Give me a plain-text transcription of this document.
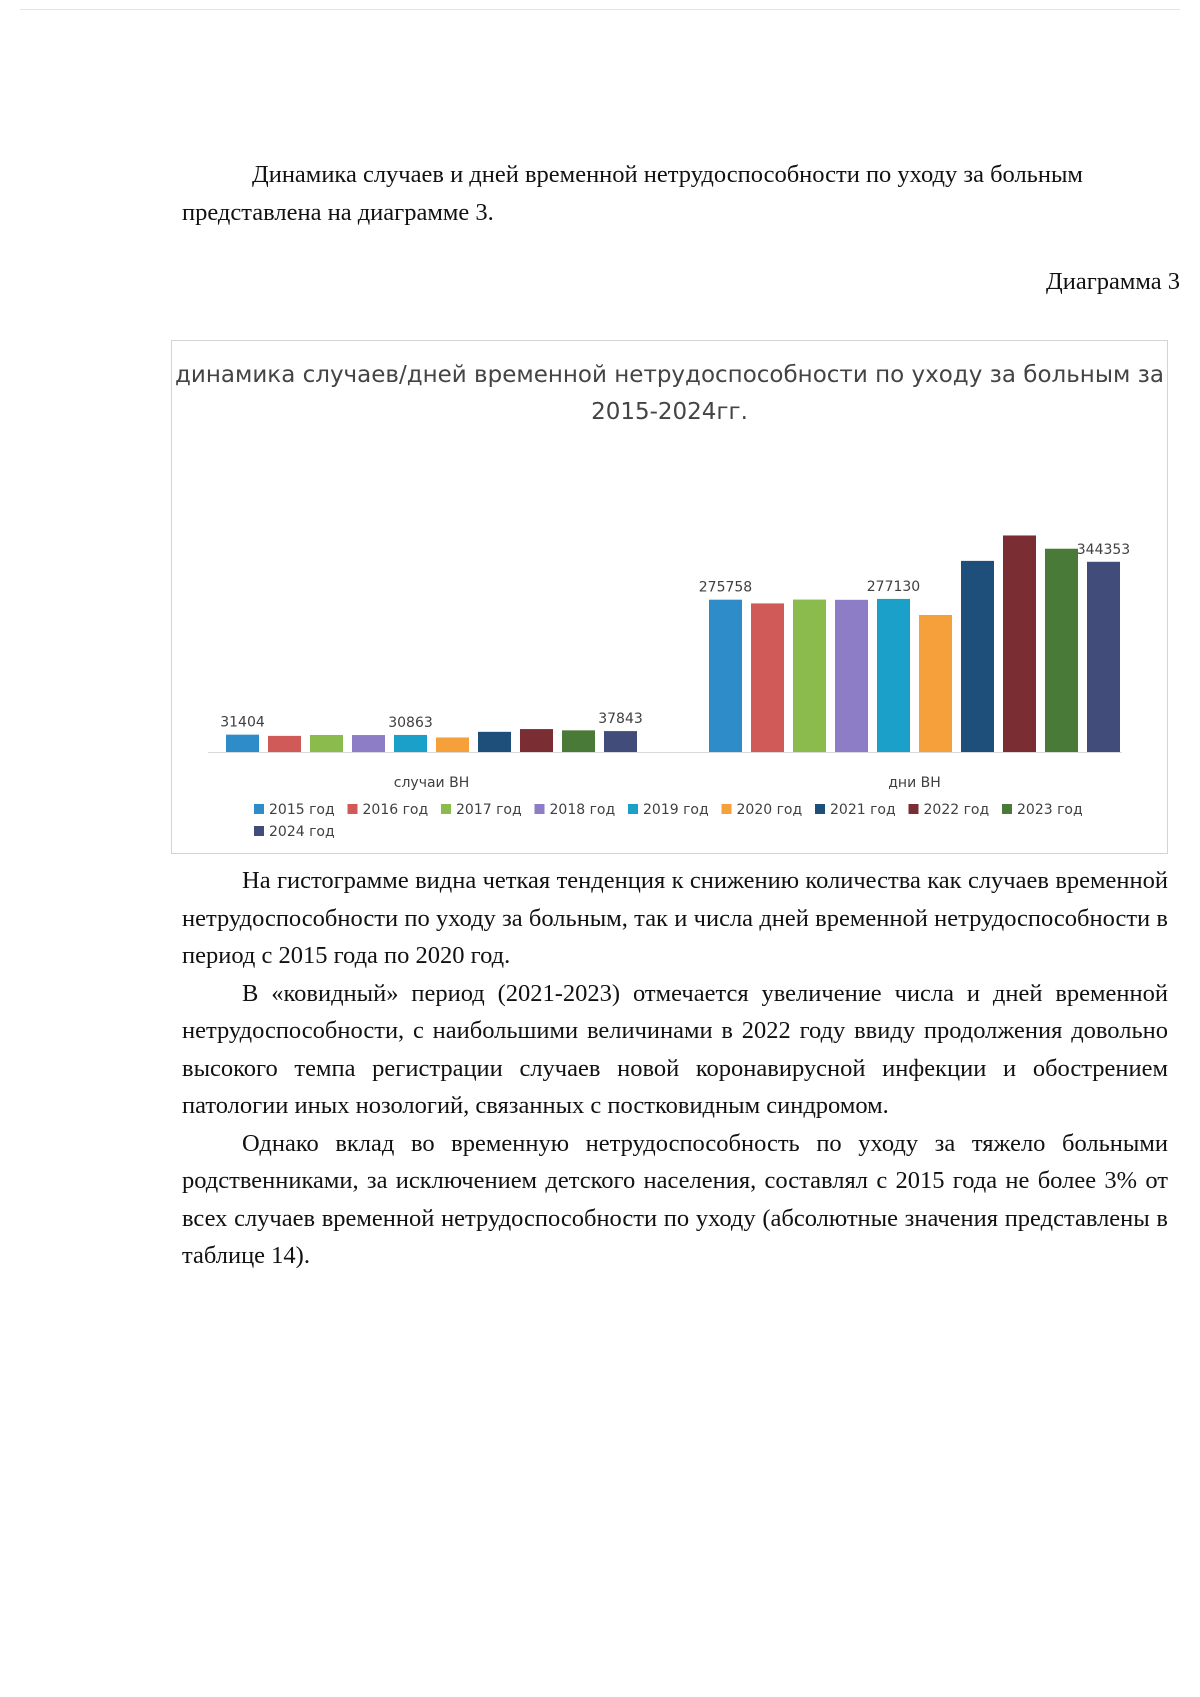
Динамика случаев и дней временной нетрудоспособности по уходу за больным представлена на диаграмме 3.
Диаграмма 3
динамика случаев/дней временной нетрудоспособности по уходу за больным за 2015-2024гг.
31404
275758
30863
277130
37843
344353
случаи ВН	дни ВН
2015 год 2016 год 2017 год 2018 год 2019 год 2020 год 2021 год 2022 год 2023 год
2024 год

На гистограмме видна четкая тенденция к снижению количества как случаев временной нетрудоспособности по уходу за больным, так и числа дней временной нетрудоспособности в период с 2015 года по 2020 год.

В «ковидный» период (2021-2023) отмечается увеличение числа и дней временной нетрудоспособности, с наибольшими величинами в 2022 году ввиду продолжения довольно высокого темпа регистрации случаев новой коронавирусной инфекции и обострением патологии иных нозологий, связанных с постковидным синдромом.

Однако вклад во временную нетрудоспособность по уходу за тяжело больными родственниками, за исключением детского населения, составлял с 2015 года не более 3% от всех случаев временной нетрудоспособности по уходу (абсолютные значения представлены в таблице 14).
